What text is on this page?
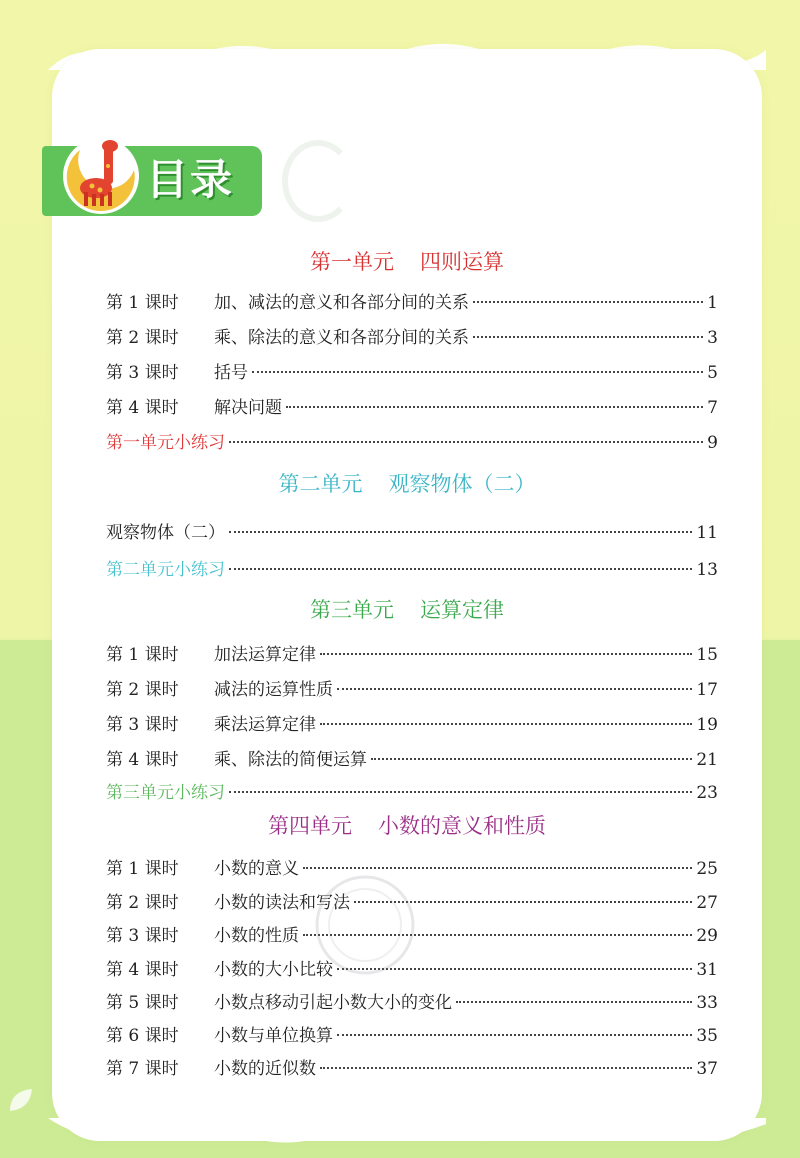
目录
第一单元 四则运算
第 1 课时	加、减法的意义和各部分间的关系	1
第 2 课时	乘、除法的意义和各部分间的关系	3
第 3 课时	括号	5
第 4 课时	解决问题	7
第一单元小练习	9
第二单元 观察物体（二）
观察物体（二）	11
第二单元小练习	13
第三单元 运算定律
第 1 课时	加法运算定律	15
第 2 课时	减法的运算性质	17
第 3 课时	乘法运算定律	19
第 4 课时	乘、除法的简便运算	21
第三单元小练习	23
第四单元 小数的意义和性质
第 1 课时	小数的意义	25
第 2 课时	小数的读法和写法	27
第 3 课时	小数的性质	29
第 4 课时	小数的大小比较	31
第 5 课时	小数点移动引起小数大小的变化	33
第 6 课时	小数与单位换算	35
第 7 课时	小数的近似数	37
